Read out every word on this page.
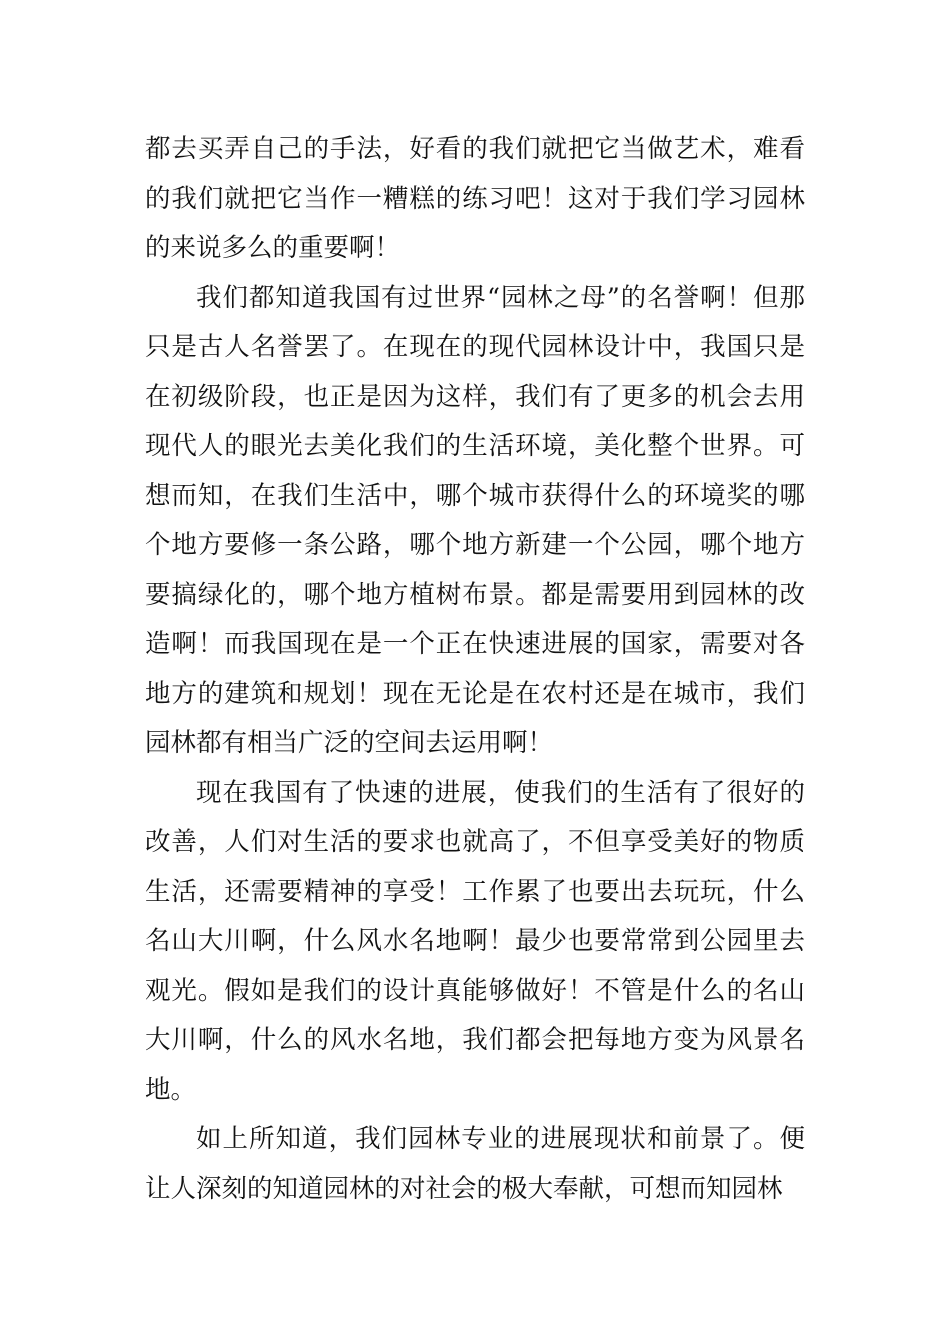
都去买弄自己的手法，好看的我们就把它当做艺术，难看的我们就把它当作一糟糕的练习吧！这对于我们学习园林的来说多么的重要啊！

我们都知道我国有过世界“园林之母”的名誉啊！但那只是古人名誉罢了。在现在的现代园林设计中，我国只是在初级阶段，也正是因为这样，我们有了更多的机会去用现代人的眼光去美化我们的生活环境，美化整个世界。可想而知，在我们生活中，哪个城市获得什么的环境奖的哪个地方要修一条公路，哪个地方新建一个公园，哪个地方要搞绿化的，哪个地方植树布景。都是需要用到园林的改造啊！而我国现在是一个正在快速进展的国家，需要对各地方的建筑和规划！现在无论是在农村还是在城市，我们园林都有相当广泛的空间去运用啊！

现在我国有了快速的进展，使我们的生活有了很好的改善，人们对生活的要求也就高了，不但享受美好的物质生活，还需要精神的享受！工作累了也要出去玩玩，什么名山大川啊，什么风水名地啊！最少也要常常到公园里去观光。假如是我们的设计真能够做好！不管是什么的名山大川啊，什么的风水名地，我们都会把每地方变为风景名地。

如上所知道，我们园林专业的进展现状和前景了。便让人深刻的知道园林的对社会的极大奉献，可想而知园林
